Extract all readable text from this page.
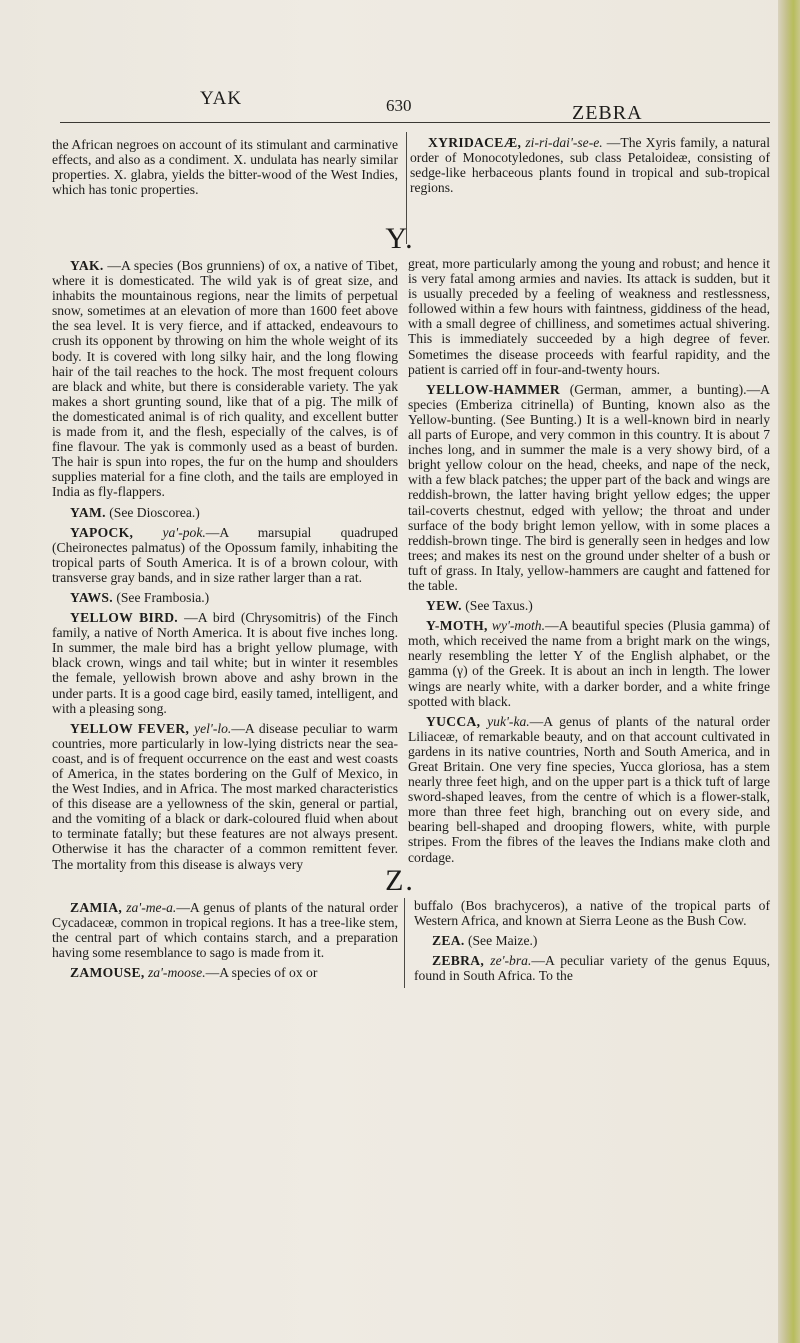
YAK	630	ZEBRA

the African negroes on account of its stimulant and carminative effects, and also as a condiment. X. undulata has nearly similar properties. X. glabra, yields the bitter-wood of the West Indies, which has tonic properties.

XYRIDACEÆ, zi-ri-dai'-se-e. —The Xyris family, a natural order of Monocotyledones, sub class Petaloideæ, consisting of sedge-like herbaceous plants found in tropical and sub-tropical regions.

Y.

YAK. —A species (Bos grunniens) of ox, a native of Tibet, where it is domesticated. The wild yak is of great size, and inhabits the mountainous regions, near the limits of perpetual snow, sometimes at an elevation of more than 1600 feet above the sea level. It is very fierce, and if attacked, endeavours to crush its opponent by throwing on him the whole weight of its body. It is covered with long silky hair, and the long flowing hair of the tail reaches to the hock. The most frequent colours are black and white, but there is considerable variety. The yak makes a short grunting sound, like that of a pig. The milk of the domesticated animal is of rich quality, and excellent butter is made from it, and the flesh, especially of the calves, is of fine flavour. The yak is commonly used as a beast of burden. The hair is spun into ropes, the fur on the hump and shoulders supplies material for a fine cloth, and the tails are employed in India as fly-flappers.

YAM. (See Dioscorea.)

YAPOCK, ya'-pok.—A marsupial quadruped (Cheironectes palmatus) of the Opossum family, inhabiting the tropical parts of South America. It is of a brown colour, with transverse gray bands, and in size rather larger than a rat.

YAWS. (See Frambosia.)

YELLOW BIRD. —A bird (Chrysomitris) of the Finch family, a native of North America. It is about five inches long. In summer, the male bird has a bright yellow plumage, with black crown, wings and tail white; but in winter it resembles the female, yellowish brown above and ashy brown in the under parts. It is a good cage bird, easily tamed, intelligent, and with a pleasing song.

YELLOW FEVER, yel'-lo.—A disease peculiar to warm countries, more particularly in low-lying districts near the sea-coast, and is of frequent occurrence on the east and west coasts of America, in the states bordering on the Gulf of Mexico, in the West Indies, and in Africa. The most marked characteristics of this disease are a yellowness of the skin, general or partial, and the vomiting of a black or dark-coloured fluid when about to terminate fatally; but these features are not always present. Otherwise it has the character of a common remittent fever. The mortality from this disease is always very

great, more particularly among the young and robust; and hence it is very fatal among armies and navies. Its attack is sudden, but it is usually preceded by a feeling of weakness and restlessness, followed within a few hours with faintness, giddiness of the head, with a small degree of chilliness, and sometimes actual shivering. This is immediately succeeded by a high degree of fever. Sometimes the disease proceeds with fearful rapidity, and the patient is carried off in four-and-twenty hours.

YELLOW-HAMMER (German, ammer, a bunting).—A species (Emberiza citrinella) of Bunting, known also as the Yellow-bunting. (See Bunting.) It is a well-known bird in nearly all parts of Europe, and very common in this country. It is about 7 inches long, and in summer the male is a very showy bird, of a bright yellow colour on the head, cheeks, and nape of the neck, with a few black patches; the upper part of the back and wings are reddish-brown, the latter having bright yellow edges; the upper tail-coverts chestnut, edged with yellow; the throat and under surface of the body bright lemon yellow, with in some places a reddish-brown tinge. The bird is generally seen in hedges and low trees; and makes its nest on the ground under shelter of a bush or tuft of grass. In Italy, yellow-hammers are caught and fattened for the table.

YEW. (See Taxus.)

Y-MOTH, wy'-moth.—A beautiful species (Plusia gamma) of moth, which received the name from a bright mark on the wings, nearly resembling the letter Y of the English alphabet, or the gamma (γ) of the Greek. It is about an inch in length. The lower wings are nearly white, with a darker border, and a white fringe spotted with black.

YUCCA, yuk'-ka.—A genus of plants of the natural order Liliaceæ, of remarkable beauty, and on that account cultivated in gardens in its native countries, North and South America, and in Great Britain. One very fine species, Yucca gloriosa, has a stem nearly three feet high, and on the upper part is a thick tuft of large sword-shaped leaves, from the centre of which is a flower-stalk, more than three feet high, branching out on every side, and bearing bell-shaped and drooping flowers, white, with purple stripes. From the fibres of the leaves the Indians make cloth and cordage.

Z.

ZAMIA, za'-me-a.—A genus of plants of the natural order Cycadaceæ, common in tropical regions. It has a tree-like stem, the central part of which contains starch, and a preparation having some resemblance to sago is made from it.

ZAMOUSE, za'-moose.—A species of ox or

buffalo (Bos brachyceros), a native of the tropical parts of Western Africa, and known at Sierra Leone as the Bush Cow.

ZEA. (See Maize.)

ZEBRA, ze'-bra.—A peculiar variety of the genus Equus, found in South Africa. To the
